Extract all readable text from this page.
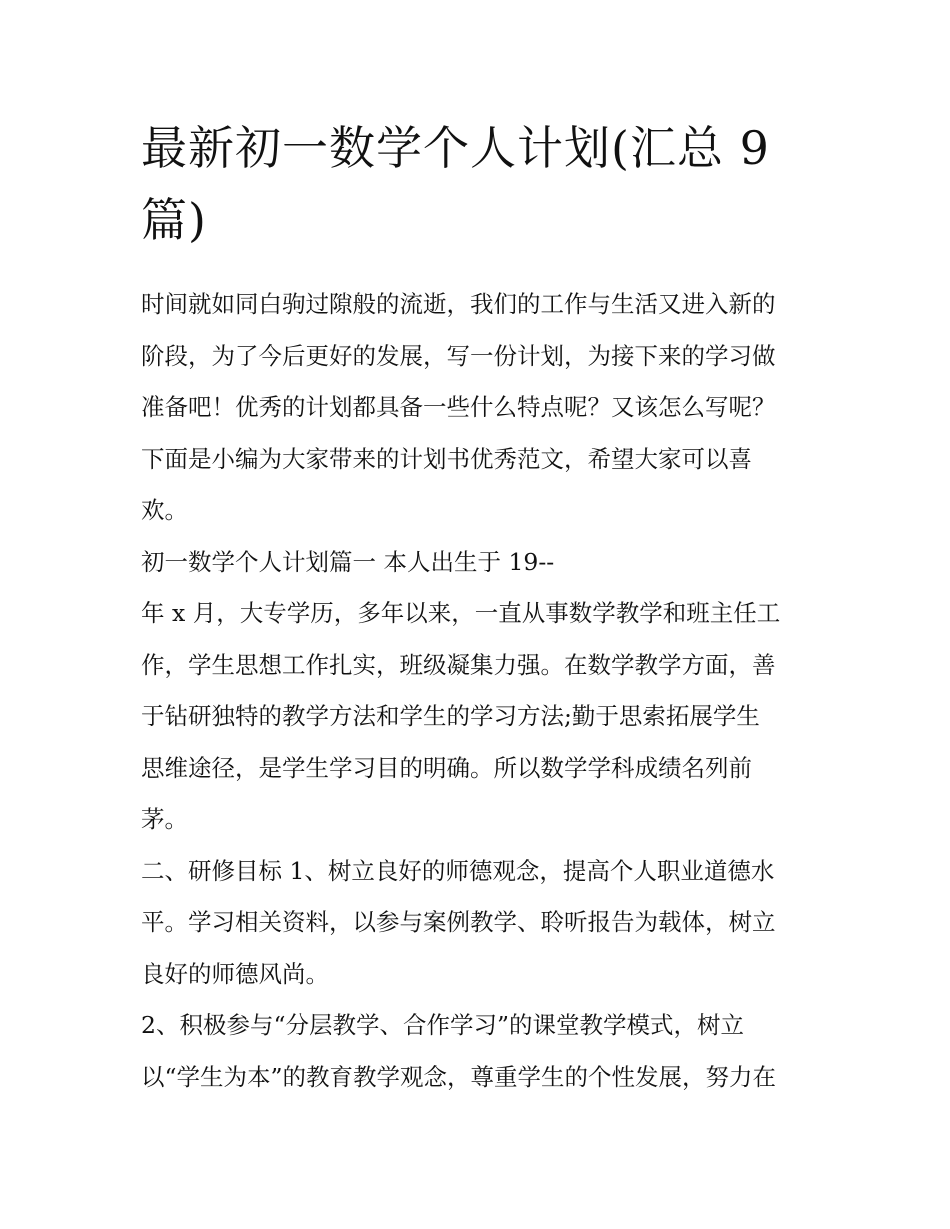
最新初一数学个人计划(汇总 9
篇)

时间就如同白驹过隙般的流逝，我们的工作与生活又进入新的

阶段，为了今后更好的发展，写一份计划，为接下来的学习做

准备吧！优秀的计划都具备一些什么特点呢？又该怎么写呢？

下面是小编为大家带来的计划书优秀范文，希望大家可以喜

欢。

初一数学个人计划篇一 本人出生于 19--

年 x 月，大专学历，多年以来，一直从事数学教学和班主任工

作，学生思想工作扎实，班级凝集力强。在数学教学方面，善

于钻研独特的教学方法和学生的学习方法;勤于思索拓展学生

思维途径，是学生学习目的明确。所以数学学科成绩名列前

茅。

二、研修目标 1、树立良好的师德观念，提高个人职业道德水

平。学习相关资料，以参与案例教学、聆听报告为载体，树立

良好的师德风尚。

2、积极参与“分层教学、合作学习”的课堂教学模式，树立

以“学生为本”的教育教学观念，尊重学生的个性发展，努力在
